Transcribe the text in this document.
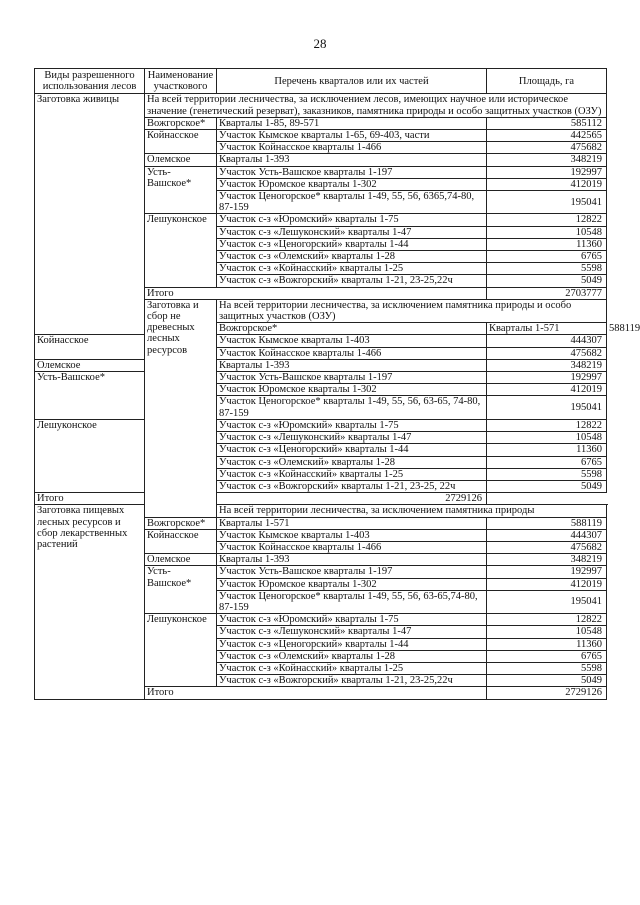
28
Виды разрешенного использования лесов	Наименование участкового	Перечень кварталов или их частей	Площадь, га	
Заготовка живицы	На всей территории лесничества, за исключением лесов, имеющих научное или историческое значение (генетический резерват), заказников, памятника природы и особо защитных участков (ОЗУ)			
	Вожгорское*	Кварталы 1-85, 89-571	585112	
	Койнасское	Участок Кымское кварталы 1-65, 69-403, части	442565	
		Участок Койнасское кварталы 1-466	475682	
	Олемское	Кварталы 1-393	348219	
	Усть-Вашское*	Участок Усть-Вашское кварталы 1-197	192997	
		Участок Юромское кварталы 1-302	412019	
		Участок Ценогорское* кварталы 1-49, 55, 56, 6365,74-80, 87-159	195041	
	Лешуконское	Участок с-з «Юромский» кварталы 1-75	12822	
		Участок с-з «Лешуконский» кварталы 1-47	10548	
		Участок с-з «Ценогорский» кварталы 1-44	11360	
		Участок с-з «Олемский» кварталы 1-28	6765	
		Участок с-з «Койнасский» кварталы 1-25	5598	
		Участок с-з «Вожгорский» кварталы 1-21, 23-25,22ч	5049	
	Итого		2703777	
	Заготовка и сбор не древесных лесных ресурсов	На всей территории лесничества, за исключением памятника природы и особо защитных участков (ОЗУ)		
		Вожгорское*	Кварталы 1-571	588119
Койнасское		Участок Кымское кварталы 1-403	444307	
		Участок Койнасское кварталы 1-466	475682	
Олемское		Кварталы 1-393	348219	
Усть-Вашское*		Участок Усть-Вашское кварталы 1-197	192997	
		Участок Юромское кварталы 1-302	412019	
		Участок Ценогорское* кварталы 1-49, 55, 56, 63-65, 74-80, 87-159	195041	
Лешуконское		Участок с-з «Юромский» кварталы 1-75	12822	
		Участок с-з «Лешуконский» кварталы 1-47	10548	
		Участок с-з «Ценогорский» кварталы 1-44	11360	
		Участок с-з «Олемский» кварталы 1-28	6765	
		Участок с-з «Койнасский» кварталы 1-25	5598	
		Участок с-з «Вожгорский» кварталы 1-21, 23-25, 22ч	5049	
Итого		2729126		
Заготовка пищевых лесных ресурсов и сбор лекарственных растений		На всей территории лесничества, за исключением памятника природы		
	Вожгорское*	Кварталы 1-571	588119	
	Койнасское	Участок Кымское кварталы 1-403	444307	
		Участок Койнасское кварталы 1-466	475682	
	Олемское	Кварталы 1-393	348219	
	Усть-Вашское*	Участок Усть-Вашское кварталы 1-197	192997	
		Участок Юромское кварталы 1-302	412019	
		Участок Ценогорское* кварталы 1-49, 55, 56, 63-65,74-80, 87-159	195041	
	Лешуконское	Участок с-з «Юромский» кварталы 1-75	12822	
		Участок с-з «Лешуконский» кварталы 1-47	10548	
		Участок с-з «Ценогорский» кварталы 1-44	11360	
		Участок с-з «Олемский» кварталы 1-28	6765	
		Участок с-з «Койнасский» кварталы 1-25	5598	
		Участок с-з «Вожгорский» кварталы 1-21, 23-25,22ч	5049	
	Итого		2729126	
